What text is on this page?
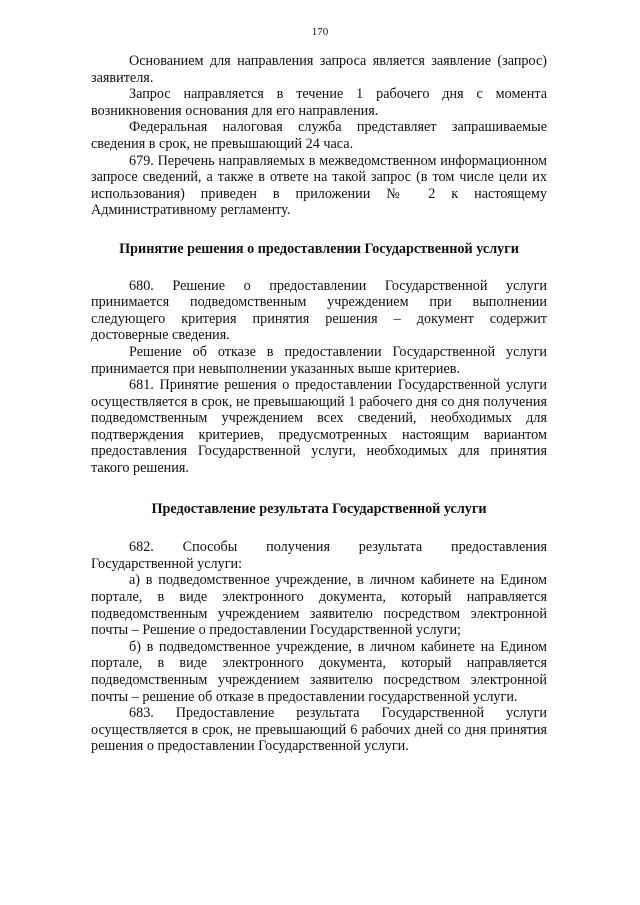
170

Основанием для направления запроса является заявление (запрос) заявителя.

Запрос направляется в течение 1 рабочего дня с момента возникновения основания для его направления.

Федеральная налоговая служба представляет запрашиваемые сведения в срок, не превышающий 24 часа.

679. Перечень направляемых в межведомственном информационном запросе сведений, а также в ответе на такой запрос (в том числе цели их использования) приведен в приложении № 2 к настоящему Административному регламенту.

Принятие решения о предоставлении Государственной услуги

680. Решение о предоставлении Государственной услуги принимается подведомственным учреждением при выполнении следующего критерия принятия решения – документ содержит достоверные сведения.

Решение об отказе в предоставлении Государственной услуги принимается при невыполнении указанных выше критериев.

681. Принятие решения о предоставлении Государственной услуги осуществляется в срок, не превышающий 1 рабочего дня со дня получения подведомственным учреждением всех сведений, необходимых для подтверждения критериев, предусмотренных настоящим вариантом предоставления Государственной услуги, необходимых для принятия такого решения.

Предоставление результата Государственной услуги

682. Способы получения результата предоставления Государственной услуги:

а) в подведомственное учреждение, в личном кабинете на Едином портале, в виде электронного документа, который направляется подведомственным учреждением заявителю посредством электронной почты – Решение о предоставлении Государственной услуги;

б) в подведомственное учреждение, в личном кабинете на Едином портале, в виде электронного документа, который направляется подведомственным учреждением заявителю посредством электронной почты – решение об отказе в предоставлении государственной услуги.

683. Предоставление результата Государственной услуги осуществляется в срок, не превышающий 6 рабочих дней со дня принятия решения о предоставлении Государственной услуги.
